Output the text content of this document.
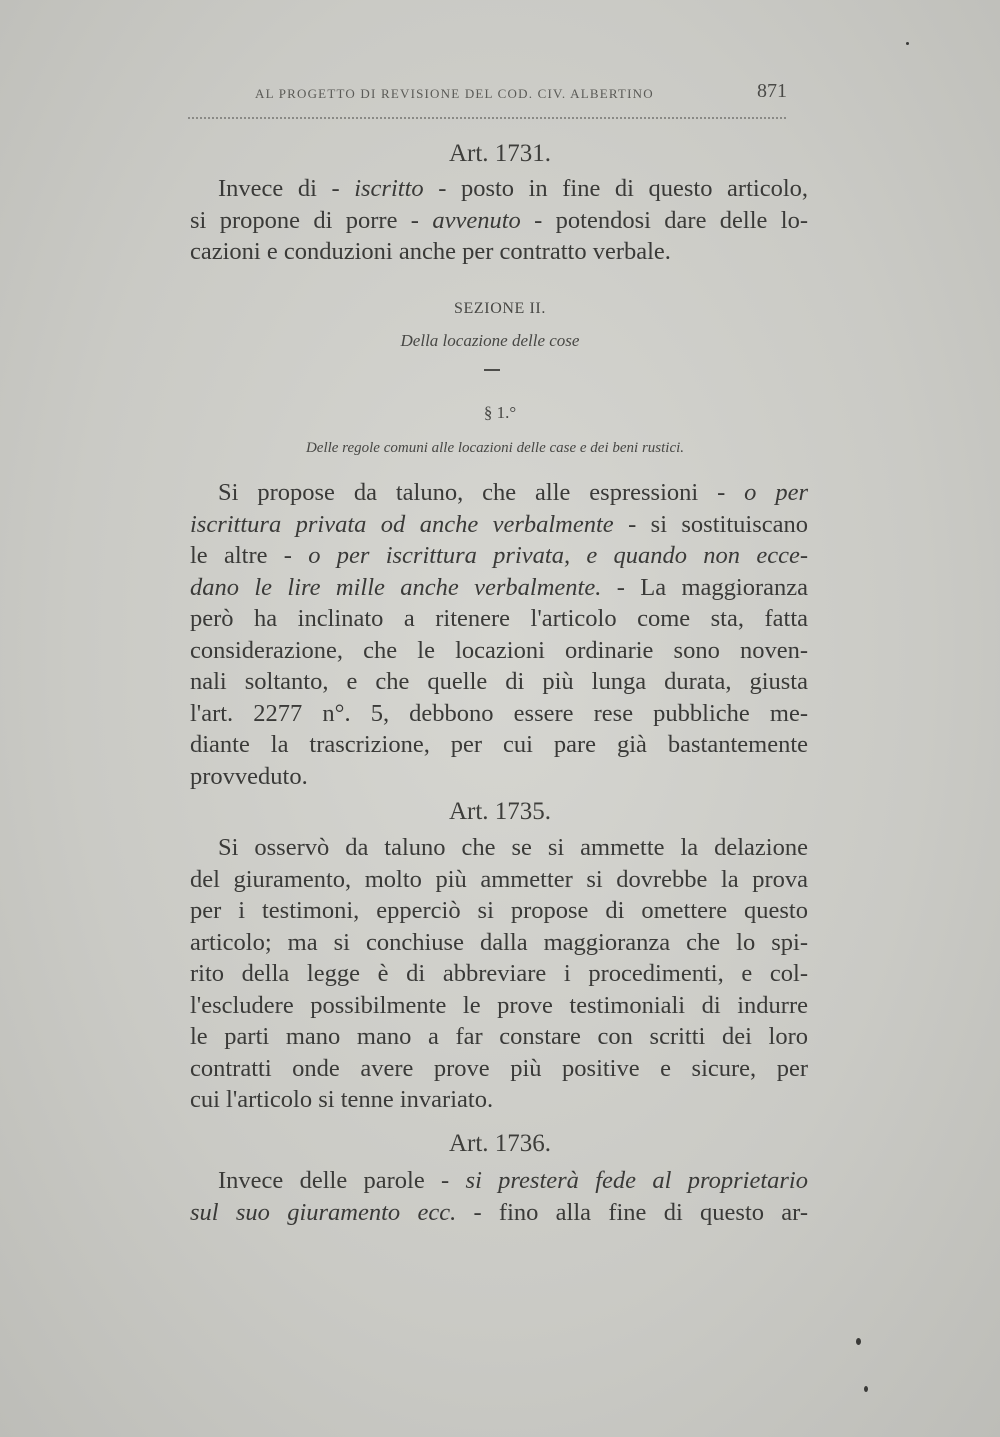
AL PROGETTO DI REVISIONE DEL COD. CIV. ALBERTINO	871
Art. 1731.
Invece di - iscritto - posto in fine di questo articolo,
si propone di porre - avvenuto - potendosi dare delle lo-
cazioni e conduzioni anche per contratto verbale.
SEZIONE II.
Della locazione delle cose
§ 1.°
Delle regole comuni alle locazioni delle case e dei beni rustici.
Si propose da taluno, che alle espressioni - o per
iscrittura privata od anche verbalmente - si sostituiscano
le altre - o per iscrittura privata, e quando non ecce-
dano le lire mille anche verbalmente. - La maggioranza
però ha inclinato a ritenere l'articolo come sta, fatta
considerazione, che le locazioni ordinarie sono noven-
nali soltanto, e che quelle di più lunga durata, giusta
l'art. 2277 n°. 5, debbono essere rese pubbliche me-
diante la trascrizione, per cui pare già bastantemente
provveduto.
Art. 1735.
Si osservò da taluno che se si ammette la delazione
del giuramento, molto più ammetter si dovrebbe la prova
per i testimoni, epperciò si propose di omettere questo
articolo; ma si conchiuse dalla maggioranza che lo spi-
rito della legge è di abbreviare i procedimenti, e col-
l'escludere possibilmente le prove testimoniali di indurre
le parti mano mano a far constare con scritti dei loro
contratti onde avere prove più positive e sicure, per
cui l'articolo si tenne invariato.
Art. 1736.
Invece delle parole - si presterà fede al proprietario
sul suo giuramento ecc. - fino alla fine di questo ar-
